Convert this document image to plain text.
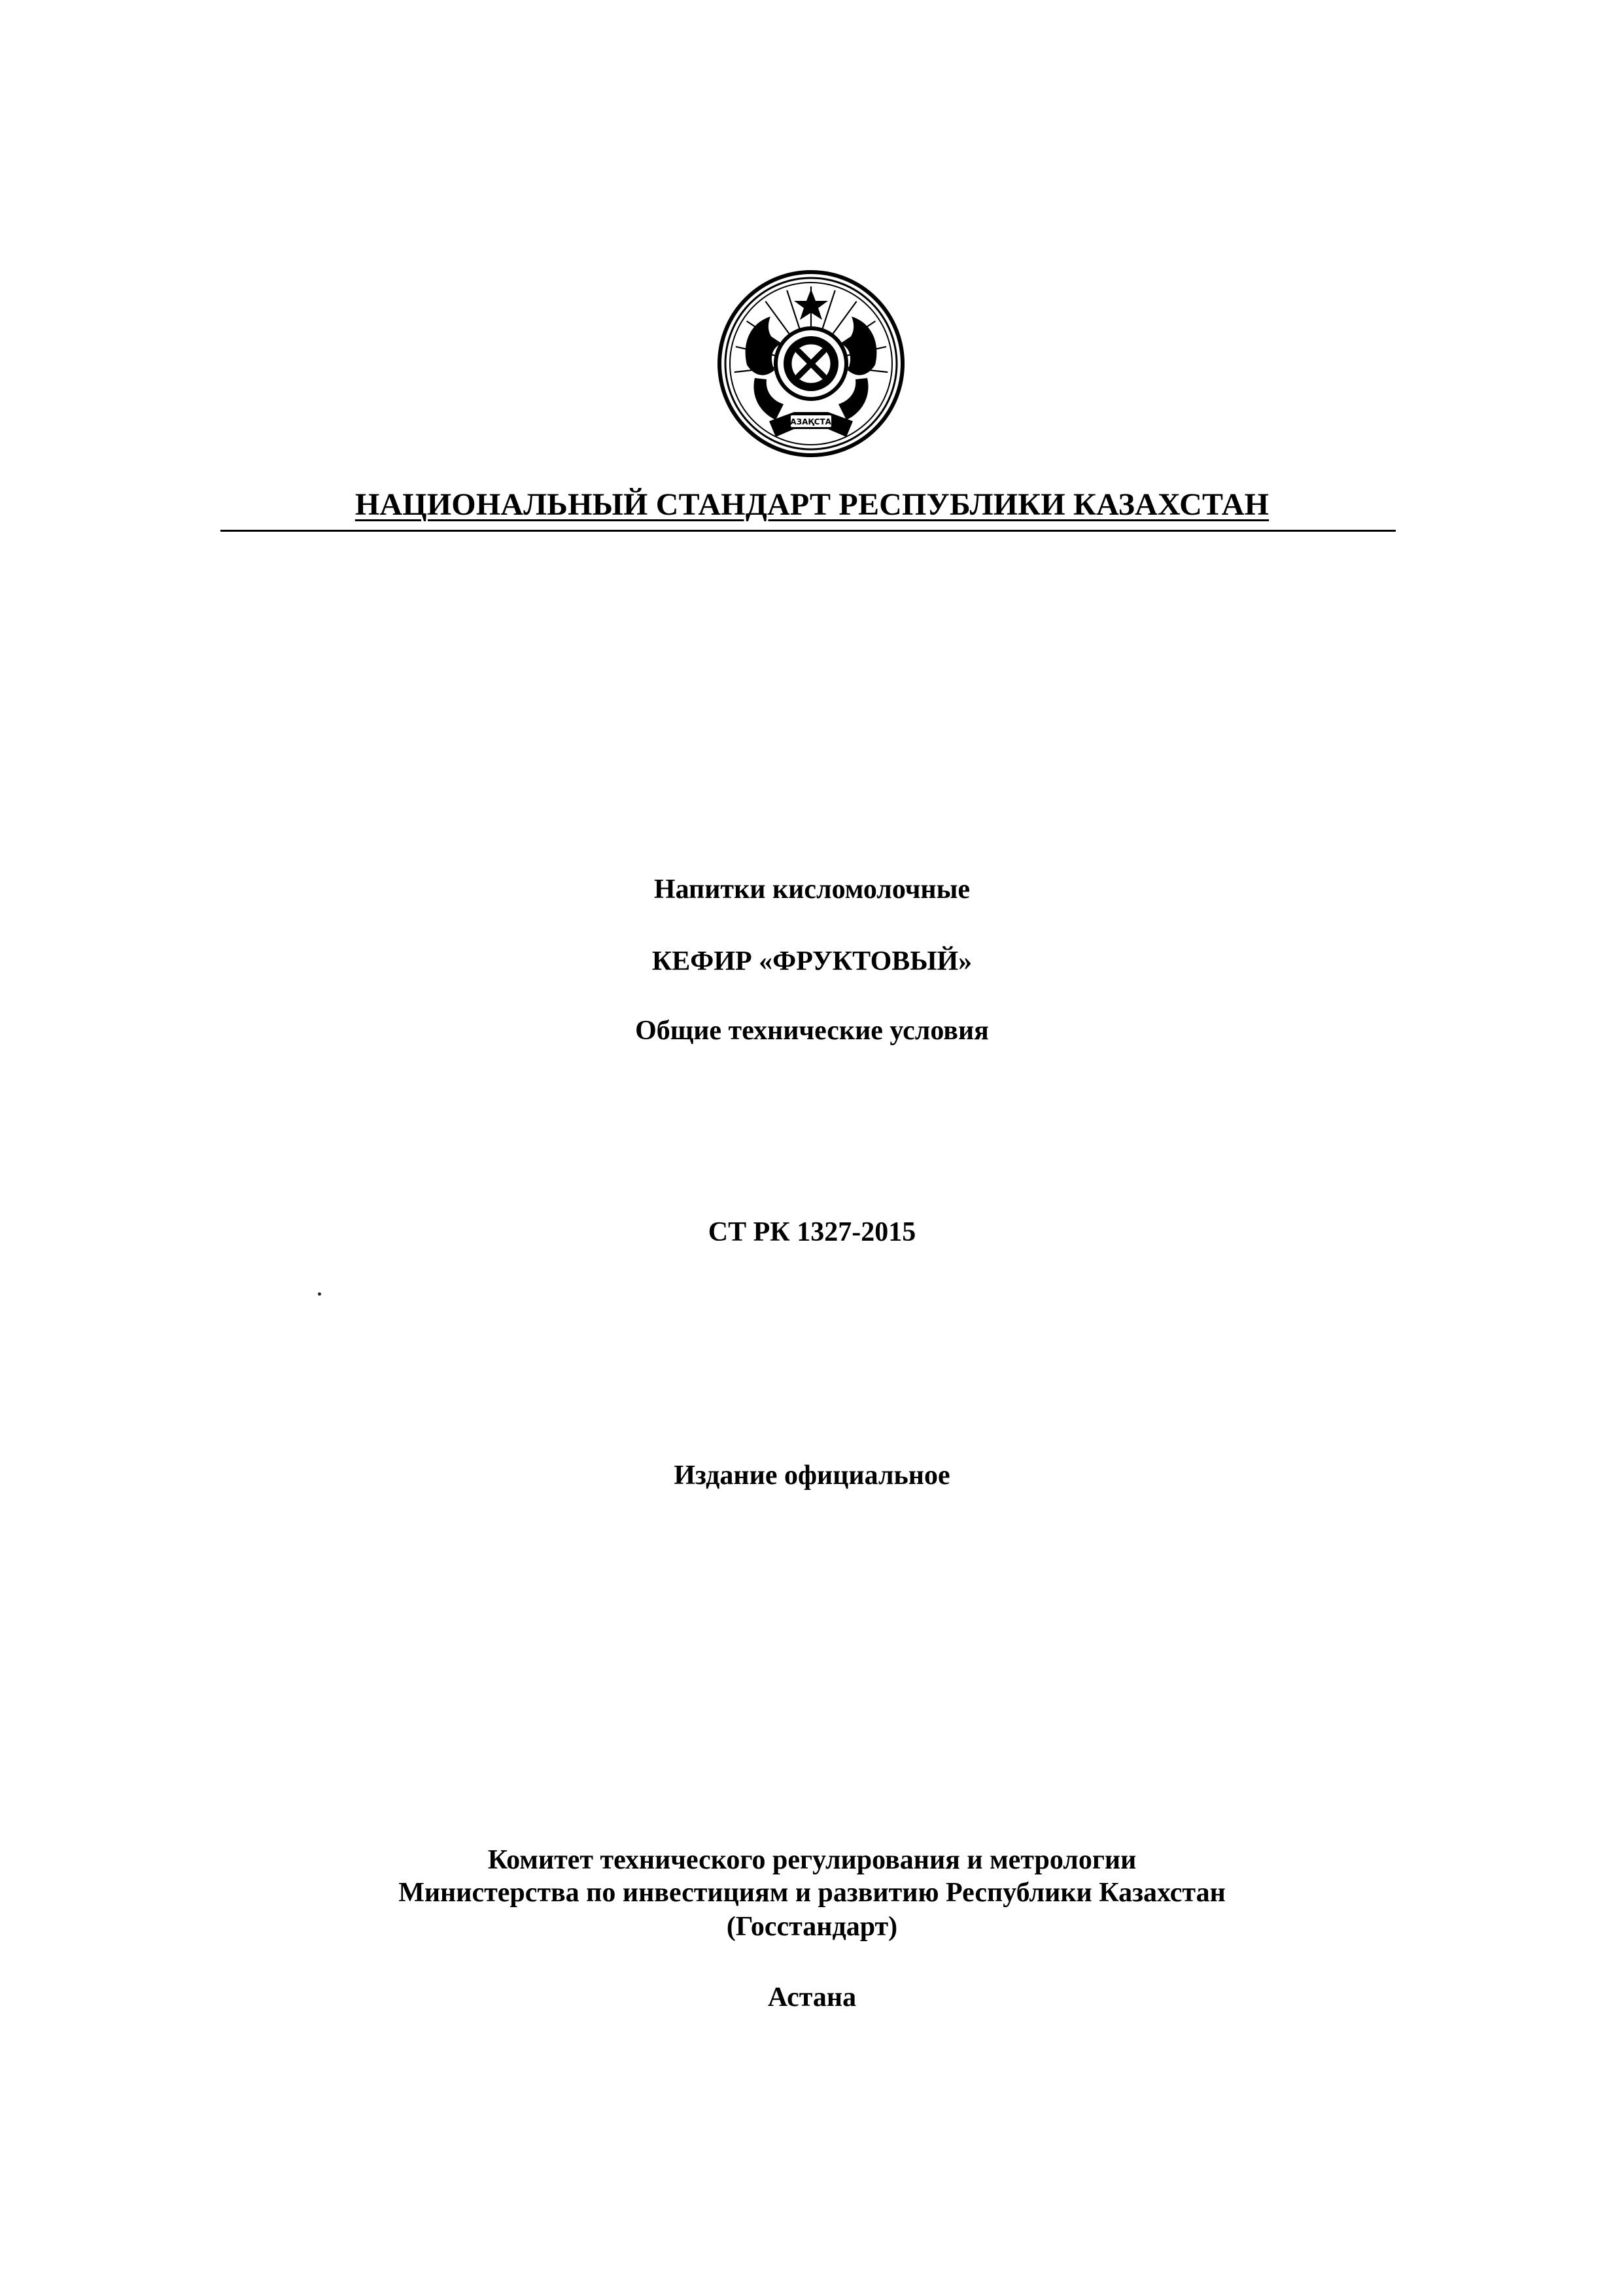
ҚАЗАҚСТАН
НАЦИОНАЛЬНЫЙ СТАНДАРТ РЕСПУБЛИКИ КАЗАХСТАН
Напитки кисломолочные
КЕФИР «ФРУКТОВЫЙ»
Общие технические условия
СТ РК 1327-2015
Издание официальное
Комитет технического регулирования и метрологии
Министерства по инвестициям и развитию Республики Казахстан
(Госстандарт)
Астана
